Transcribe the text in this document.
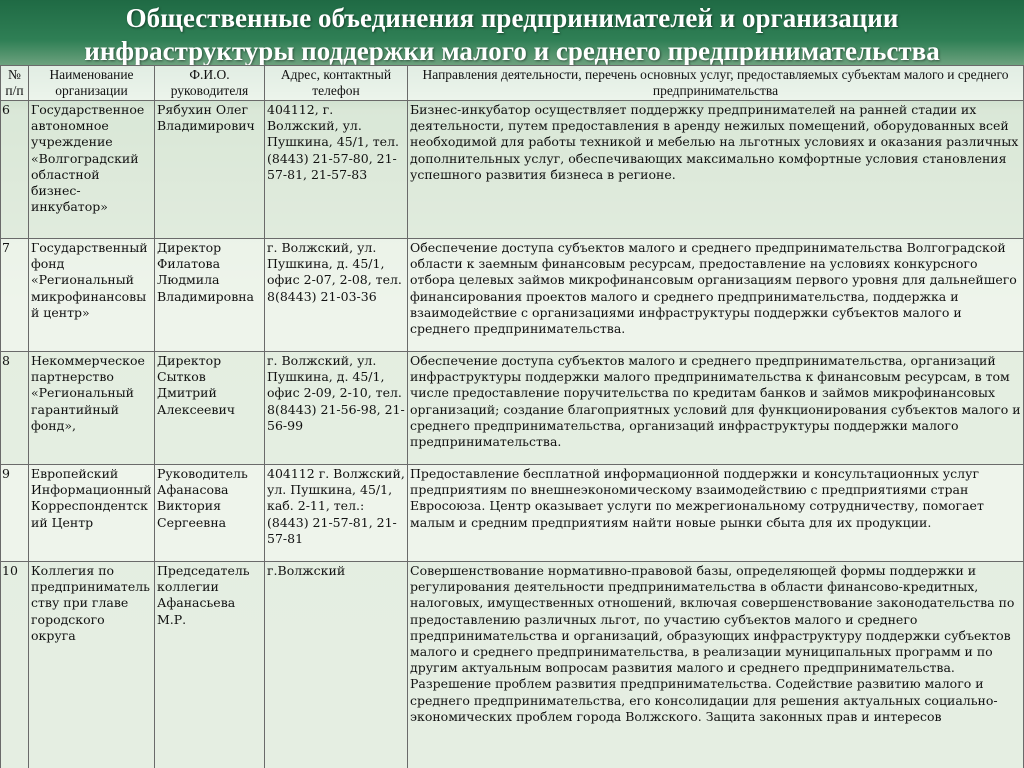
Общественные объединения предпринимателей и организации
инфраструктуры поддержки малого и среднего предпринимательства
№ п/п	Наименование организации	Ф.И.О. руководителя	Адрес, контактный телефон	Направления деятельности, перечень основных услуг, предоставляемых субъектам малого и среднего предпринимательства
6	Государственное автономное учреждение «Волгоградский областной бизнес-инкубатор»	Рябухин Олег Владимирович	404112, г. Волжский, ул. Пушкина, 45/1, тел. (8443) 21-57-80, 21-57-81, 21-57-83	Бизнес-инкубатор осуществляет поддержку предпринимателей на ранней стадии их деятельности, путем предоставления в аренду нежилых помещений, оборудованных всей необходимой для работы техникой и мебелью на льготных условиях и оказания различных дополнительных услуг, обеспечивающих максимально комфортные условия становления успешного развития бизнеса в регионе.
7	Государственный фонд «Региональный микрофинансовый центр»	Директор Филатова Людмила Владимировна	г. Волжский, ул. Пушкина, д. 45/1, офис 2-07, 2-08, тел. 8(8443) 21-03-36	Обеспечение доступа субъектов малого и среднего предпринимательства Волгоградской области к заемным финансовым ресурсам, предоставление на условиях конкурсного отбора целевых займов микрофинансовым организациям первого уровня для дальнейшего финансирования проектов малого и среднего предпринимательства, поддержка и взаимодействие с организациями инфраструктуры поддержки субъектов малого и среднего предпринимательства.
8	Некоммерческое партнерство «Региональный гарантийный фонд»,	Директор Сытков Дмитрий Алексеевич	г. Волжский, ул. Пушкина, д. 45/1, офис 2-09, 2-10, тел. 8(8443) 21-56-98, 21-56-99	Обеспечение доступа субъектов малого и среднего предпринимательства, организаций инфраструктуры поддержки малого предпринимательства к финансовым ресурсам, в том числе предоставление поручительства по кредитам банков и займов микрофинансовых организаций; создание благоприятных условий для функционирования субъектов малого и среднего предпринимательства, организаций инфраструктуры поддержки малого предпринимательства.
9	Европейский Информационный Корреспондентский Центр	Руководитель Афанасова Виктория Сергеевна	404112 г. Волжский, ул. Пушкина, 45/1, каб. 2-11, тел.: (8443) 21-57-81, 21-57-81	Предоставление бесплатной информационной поддержки и консультационных услуг предприятиям по внешнеэкономическому взаимодействию с предприятиями стран Евросоюза. Центр оказывает услуги по межрегиональному сотрудничеству, помогает малым и средним предприятиям найти новые рынки сбыта для их продукции.
10	Коллегия по предпринимательству при главе городского округа	Председатель коллегии Афанасьева М.Р.	г.Волжский	Совершенствование нормативно-правовой базы, определяющей формы поддержки и регулирования деятельности предпринимательства в области финансово-кредитных, налоговых, имущественных отношений, включая совершенствование законодательства по предоставлению различных льгот, по участию субъектов малого и среднего предпринимательства и организаций, образующих инфраструктуру поддержки субъектов малого и среднего предпринимательства, в реализации муниципальных программ и по другим актуальным вопросам развития малого и среднего предпринимательства. Разрешение проблем развития предпринимательства. Содействие развитию малого и среднего предпринимательства, его консолидации для решения актуальных социально-экономических проблем города Волжского. Защита законных прав и интересов
